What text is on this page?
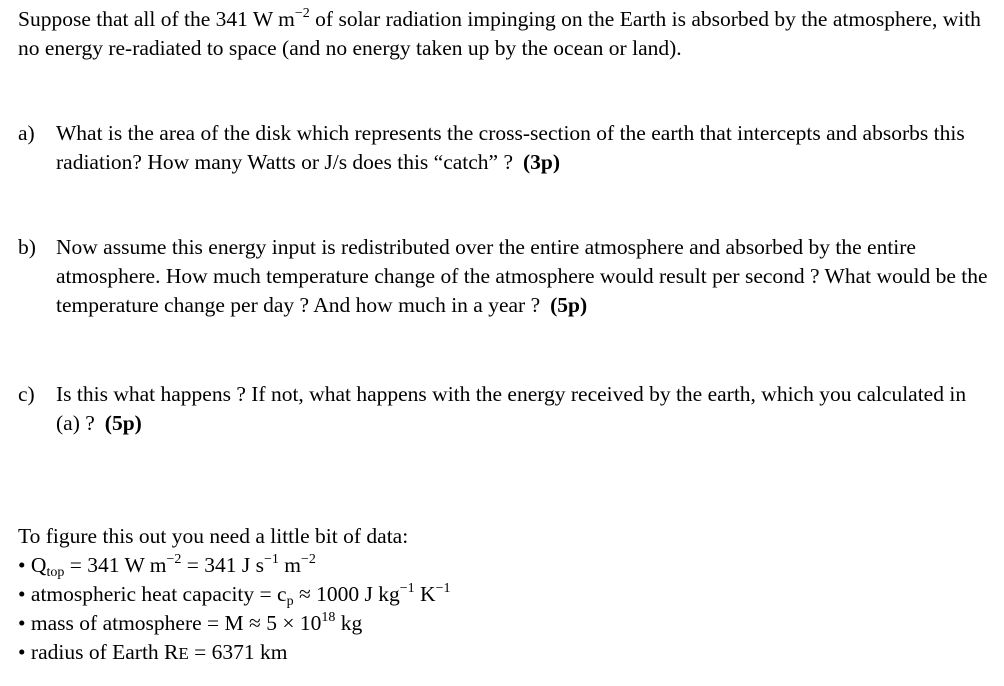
Suppose that all of the 341 W $m^{-2}$ of solar radiation impinging on the Earth is absorbed by the atmosphere, with no energy re-radiated to space (and no energy taken up by the ocean or land).
a) What is the area of the disk which represents the cross-section of the earth that intercepts and absorbs this radiation? How many Watts or J/s does this “catch” ? (3p)
b) Now assume this energy input is redistributed over the entire atmosphere and absorbed by the entire atmosphere. How much temperature change of the atmosphere would result per second ? What would be the temperature change per day ? And how much in a year ? (5p)
c) Is this what happens ? If not, what happens with the energy received by the earth, which you calculated in (a) ? (5p)
To figure this out you need a little bit of data:
• $Q_{top} = 341$ W $m^{-2} = 341$ J $s^{-1}$ $m^{-2}$
• atmospheric heat capacity = $c_p \approx 1000$ J $kg^{-1}$ $K^{-1}$
• mass of atmosphere = $M \approx 5 \times 10^{18}$ kg
• radius of Earth RE = 6371 km
